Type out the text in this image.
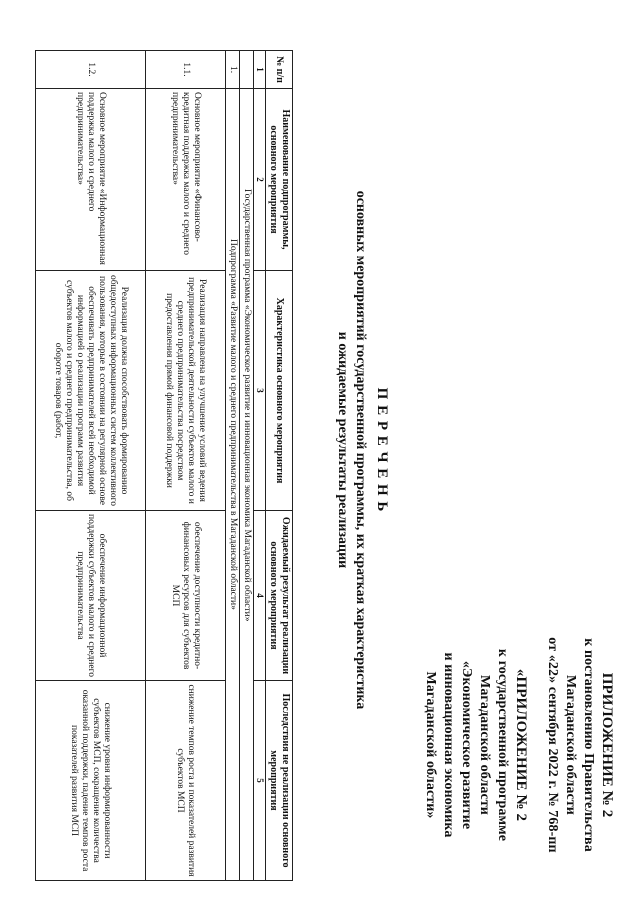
ПРИЛОЖЕНИЕ № 2
к постановлению Правительства
Магаданской области
от «22» сентября 2022 г. № 768-пп
«ПРИЛОЖЕНИЕ № 2
к государственной программе
Магаданской области
«Экономическое развитие
и инновационная экономика
Магаданской области»
П Е Р Е Ч Е Н Ь
основных мероприятий государственной программы, их краткая характеристика
и ожидаемые результаты реализации
№ п/п	Наименование подпрограммы, основного мероприятия	Характеристика основного мероприятия	Ожидаемый результат реализации основного мероприятия	Последствия не реализации основного мероприятия
1	2	3	4	5
	Государственная программа «Экономическое развитие и инновационная экономика Магаданской области»			
1.	Подпрограмма «Развитие малого и среднего предпринимательства в Магаданской области»			
1.1.	Основное мероприятие «Финансово-кредитная поддержка малого и среднего предпринимательства»	Реализация направлена на улучшение условий ведения предпринимательской деятельности субъектов малого и среднего предпринимательства посредством предоставления прямой финансовой поддержки	обеспечение доступности кредитно-финансовых ресурсов для субъектов МСП	снижение темпов роста и показателей развития субъектов МСП
1.2.	Основное мероприятие «Информационная поддержка малого и среднего предпринимательства»	Реализация должна способствовать формированию общедоступных информационных систем коллективного пользования, которые в состоянии на регулярной основе обеспечивать предпринимателей всей необходимой информацией о реализации программ развития субъектов малого и среднего предпринимательства, об обороте товаров (работ,	обеспечение информационной поддержки субъектов малого и среднего предпринимательства	снижение уровня информированности субъектов МСП, сокращение количества оказанной поддержки, падение темпов роста показателей развития МСП
